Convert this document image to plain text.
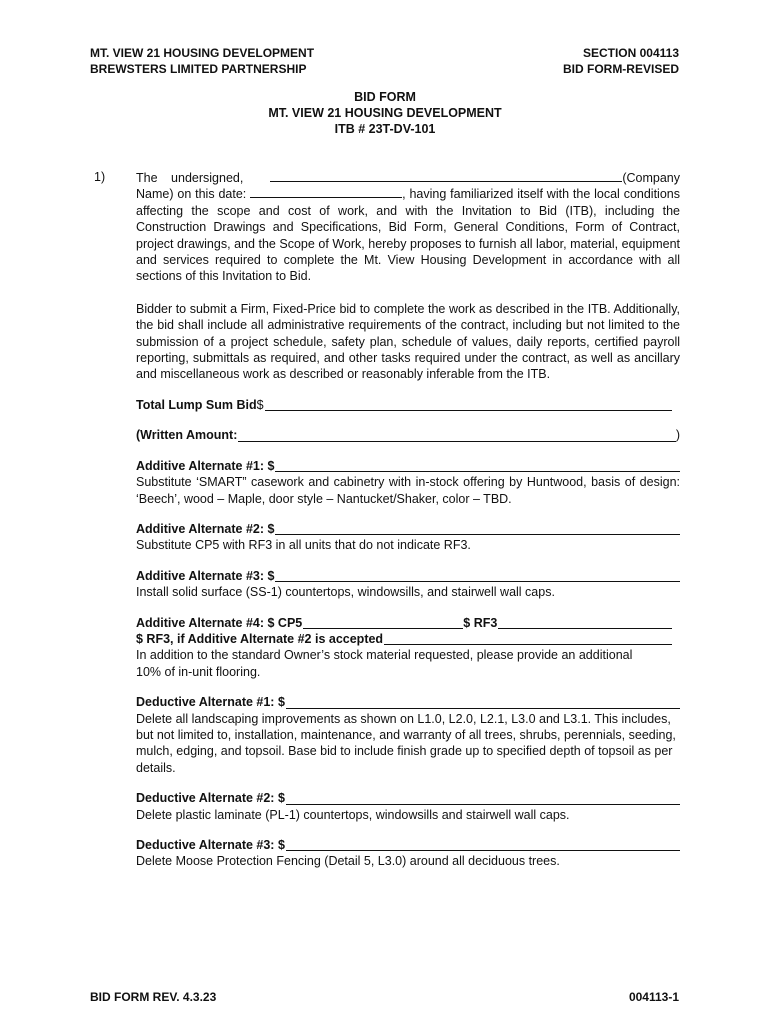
MT. VIEW 21 HOUSING DEVELOPMENT
BREWSTERS LIMITED PARTNERSHIP
SECTION 004113
BID FORM-REVISED
BID FORM
MT. VIEW 21 HOUSING DEVELOPMENT
ITB # 23T-DV-101
1) The undersigned,	(Company Name) on this date:	, having familiarized itself with the local conditions affecting the scope and cost of work, and with the Invitation to Bid (ITB), including the Construction Drawings and Specifications, Bid Form, General Conditions, Form of Contract, project drawings, and the Scope of Work, hereby proposes to furnish all labor, material, equipment and services required to complete the Mt. View Housing Development in accordance with all sections of this Invitation to Bid.

Bidder to submit a Firm, Fixed-Price bid to complete the work as described in the ITB. Additionally, the bid shall include all administrative requirements of the contract, including but not limited to the submission of a project schedule, safety plan, schedule of values, daily reports, certified payroll reporting, submittals as required, and other tasks required under the contract, as well as ancillary and miscellaneous work as described or reasonably inferable from the ITB.

Total Lump Sum Bid $
(Written Amount:	)
Additive Alternate #1: $

Substitute ‘SMART” casework and cabinetry with in-stock offering by Huntwood, basis of design: ‘Beech’, wood – Maple, door style – Nantucket/Shaker, color – TBD.

Additive Alternate #2: $

Substitute CP5 with RF3 in all units that do not indicate RF3.

Additive Alternate #3: $

Install solid surface (SS-1) countertops, windowsills, and stairwell wall caps.

Additive Alternate #4: $ CP5	$ RF3
$ RF3, if Additive Alternate #2 is accepted

In addition to the standard Owner’s stock material requested, please provide an additional 10% of in-unit flooring.

Deductive Alternate #1: $

Delete all landscaping improvements as shown on L1.0, L2.0, L2.1, L3.0 and L3.1. This includes, but not limited to, installation, maintenance, and warranty of all trees, shrubs, perennials, seeding, mulch, edging, and topsoil. Base bid to include finish grade up to specified depth of topsoil as per details.

Deductive Alternate #2: $

Delete plastic laminate (PL-1) countertops, windowsills and stairwell wall caps.

Deductive Alternate #3: $

Delete Moose Protection Fencing (Detail 5, L3.0) around all deciduous trees.

BID FORM REV. 4.3.23	004113-1
